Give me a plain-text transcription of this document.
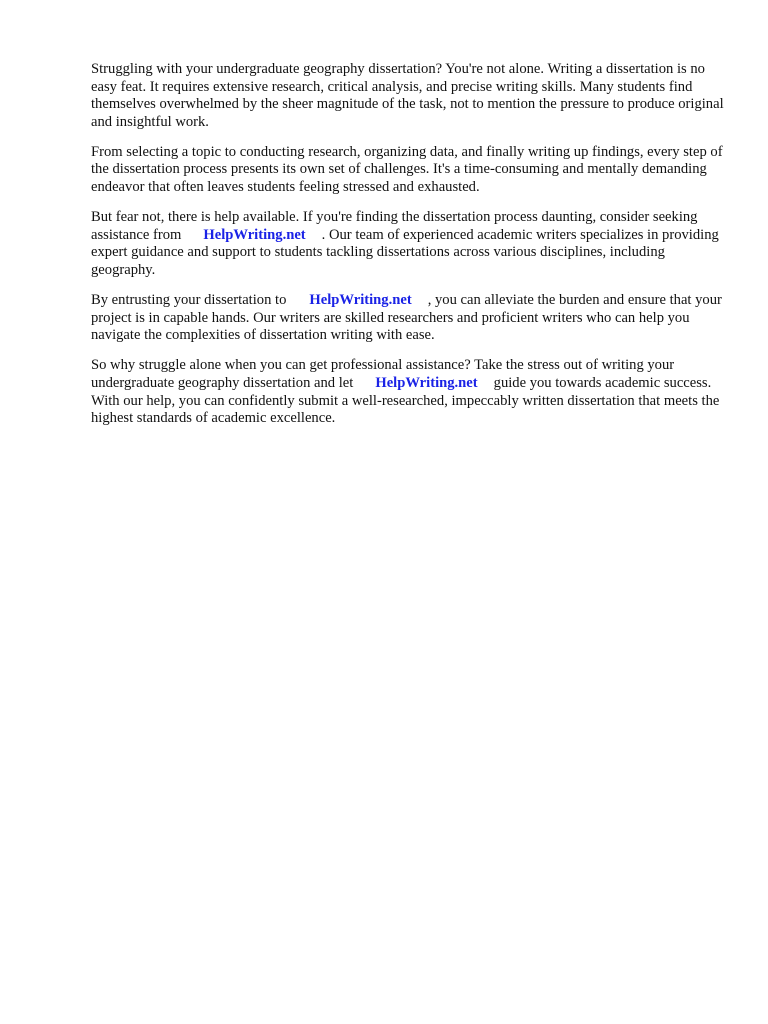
Struggling with your undergraduate geography dissertation? You're not alone. Writing a dissertation is no easy feat. It requires extensive research, critical analysis, and precise writing skills. Many students find themselves overwhelmed by the sheer magnitude of the task, not to mention the pressure to produce original and insightful work.

From selecting a topic to conducting research, organizing data, and finally writing up findings, every step of the dissertation process presents its own set of challenges. It's a time-consuming and mentally demanding endeavor that often leaves students feeling stressed and exhausted.

But fear not, there is help available. If you're finding the dissertation process daunting, consider seeking assistance from HelpWriting.net . Our team of experienced academic writers specializes in providing expert guidance and support to students tackling dissertations across various disciplines, including geography.

By entrusting your dissertation to HelpWriting.net , you can alleviate the burden and ensure that your project is in capable hands. Our writers are skilled researchers and proficient writers who can help you navigate the complexities of dissertation writing with ease.

So why struggle alone when you can get professional assistance? Take the stress out of writing your undergraduate geography dissertation and let HelpWriting.net guide you towards academic success. With our help, you can confidently submit a well-researched, impeccably written dissertation that meets the highest standards of academic excellence.
